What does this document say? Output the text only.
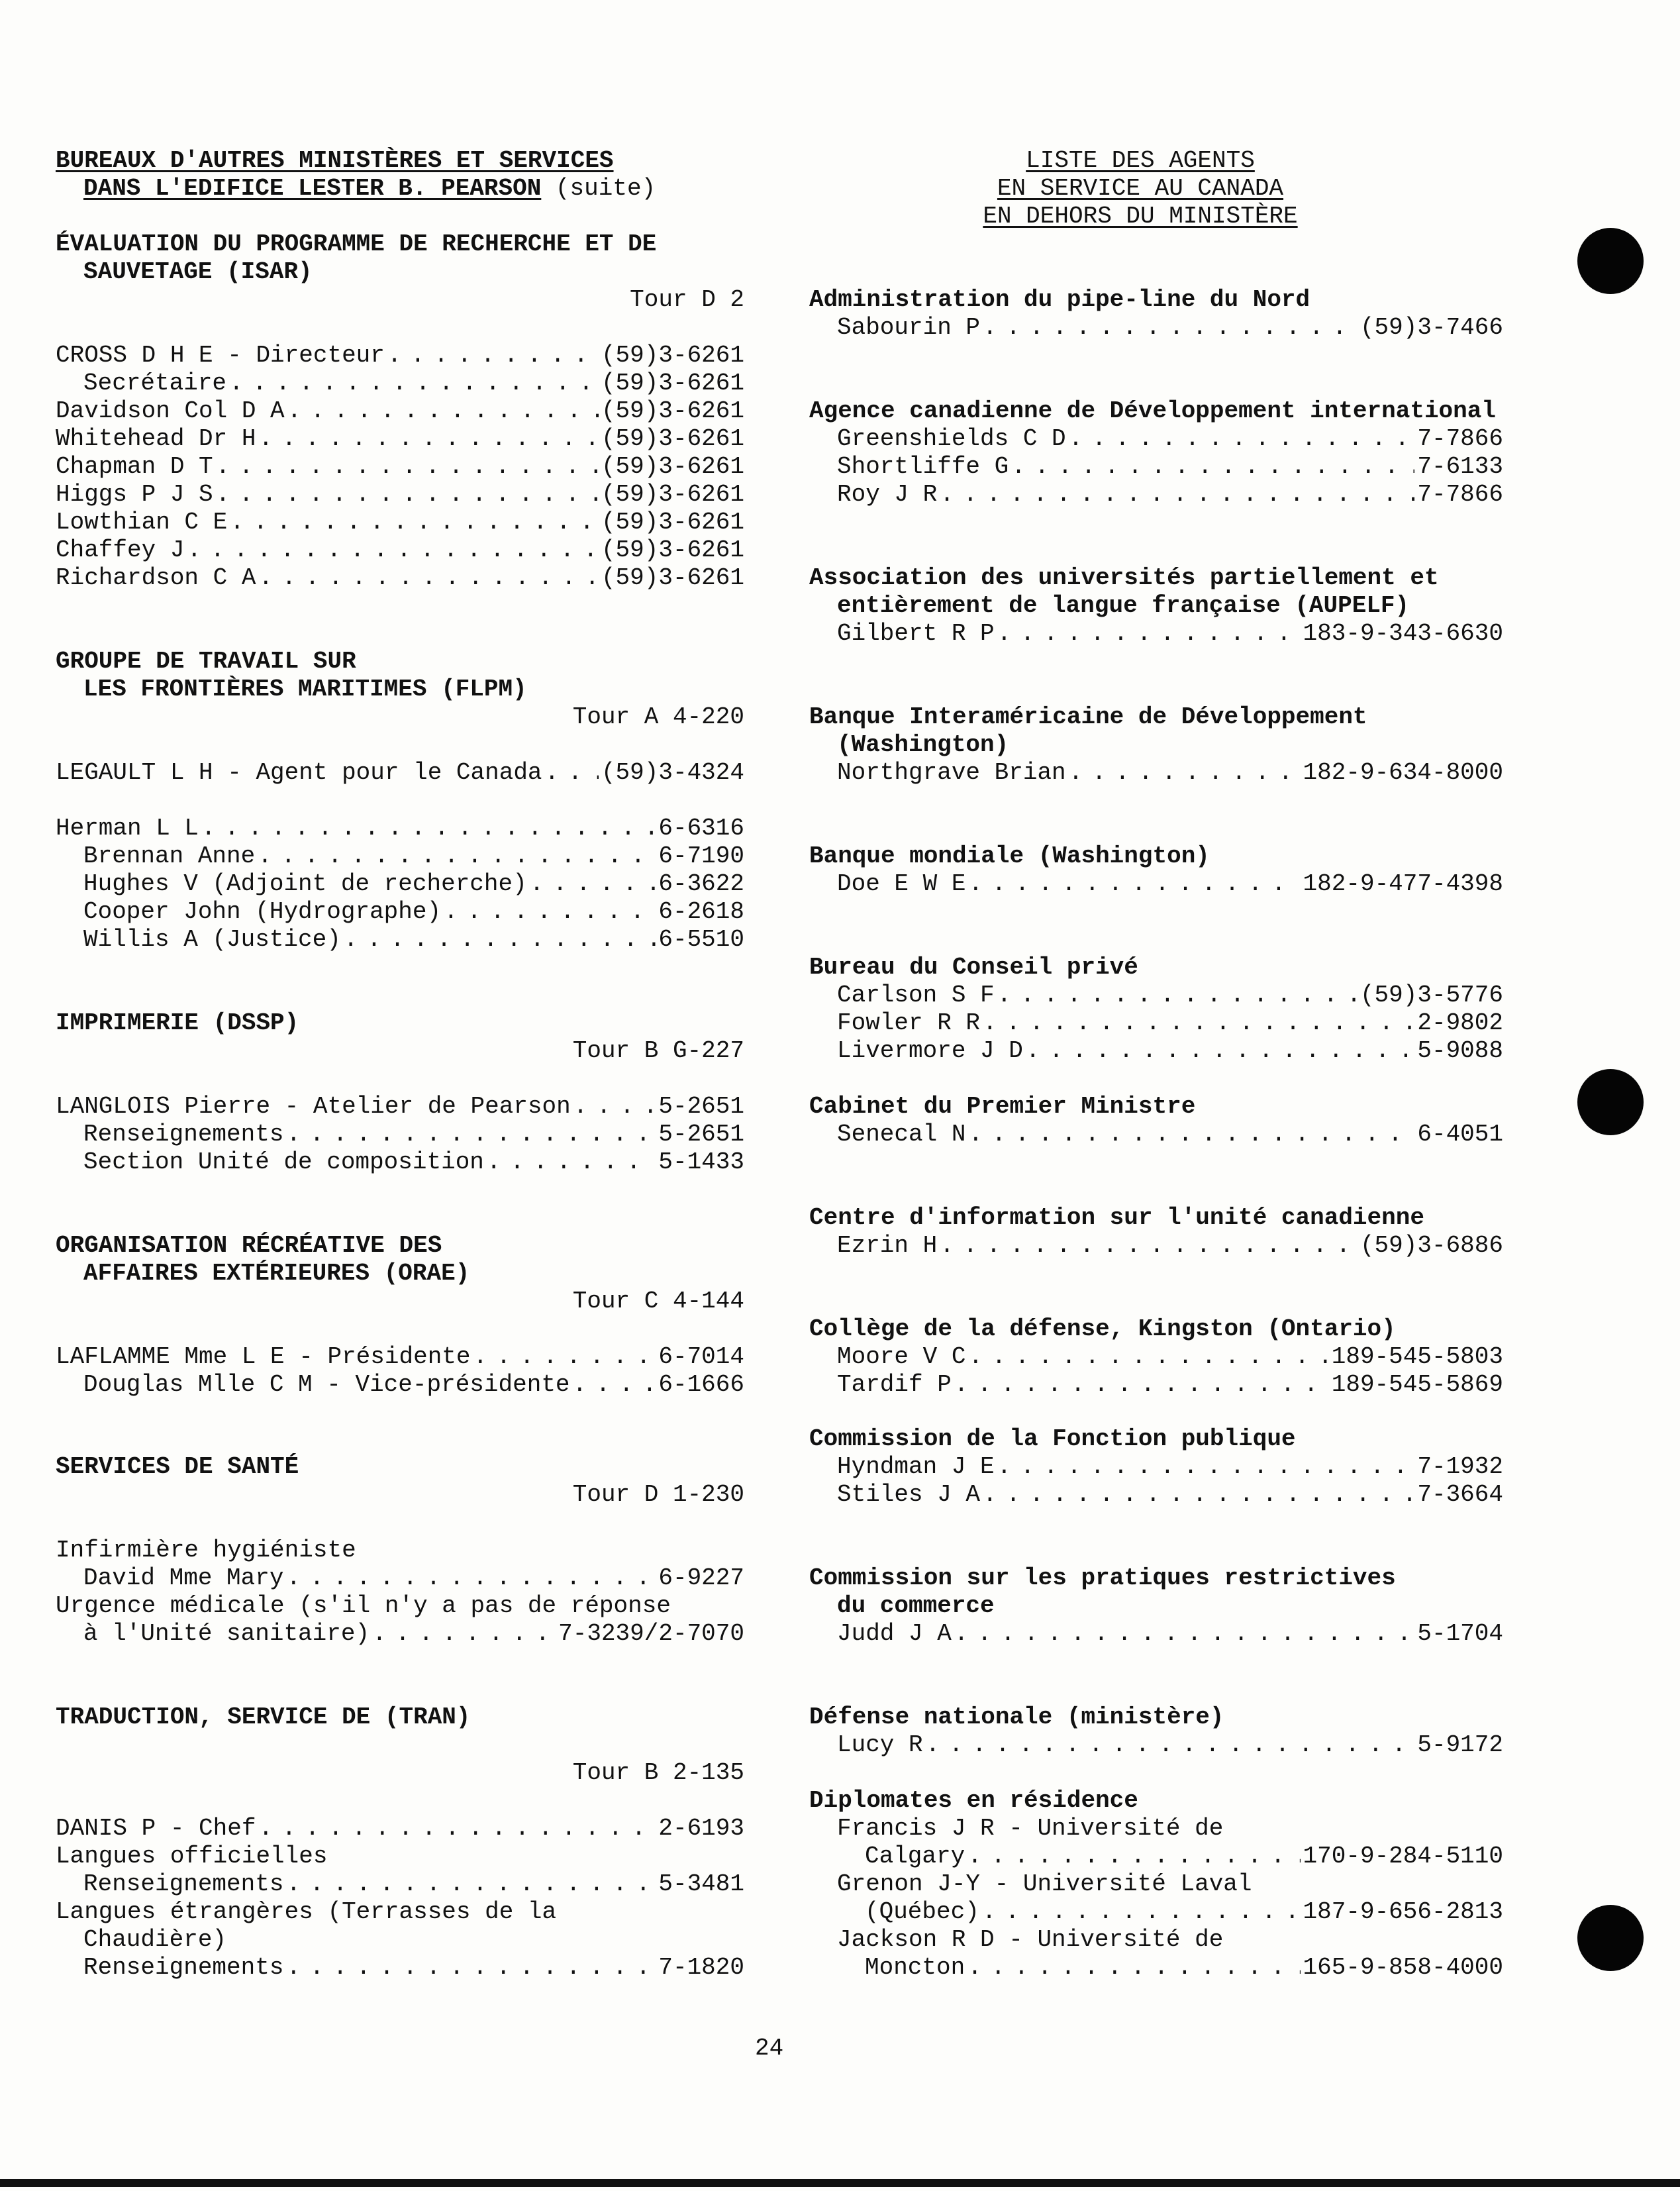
BUREAUX D'AUTRES MINISTÈRES ET SERVICES
DANS L'EDIFICE LESTER B. PEARSON (suite)
ÉVALUATION DU PROGRAMME DE RECHERCHE ET DE
SAUVETAGE (ISAR)
Tour D 2
CROSS D H E - Directeur . . .	(59)3-6261
Secrétaire . . .	(59)3-6261
Davidson Col D A . . .	(59)3-6261
Whitehead Dr H . . .	(59)3-6261
Chapman D T . . .	(59)3-6261
Higgs P J S . . .	(59)3-6261
Lowthian C E . . .	(59)3-6261
Chaffey J . . .	(59)3-6261
Richardson C A . . .	(59)3-6261
GROUPE DE TRAVAIL SUR
LES FRONTIÈRES MARITIMES (FLPM)
Tour A 4-220
LEGAULT L H - Agent pour le Canada . . . (59)3-4324
Herman L L . . .	6-6316
Brennan Anne . . .	6-7190
Hughes V (Adjoint de recherche) . . .	6-3622
Cooper John (Hydrographe) . . .	6-2618
Willis A (Justice) . . .	6-5510
IMPRIMERIE (DSSP)
Tour B G-227
LANGLOIS Pierre - Atelier de Pearson . . .	5-2651
Renseignements . . .	5-2651
Section Unité de composition . . .	5-1433
ORGANISATION RÉCRÉATIVE DES
AFFAIRES EXTÉRIEURES (ORAE)
Tour C 4-144
LAFLAMME Mme L E - Présidente . . .	6-7014
Douglas Mlle C M - Vice-présidente . . .	6-1666
SERVICES DE SANTÉ
Tour D 1-230
Infirmière hygiéniste
David Mme Mary . . .	6-9227
Urgence médicale (s'il n'y a pas de réponse
à l'Unité sanitaire) . . .	7-3239/2-7070
TRADUCTION, SERVICE DE (TRAN)
Tour B 2-135
DANIS P - Chef . . .	2-6193
Langues officielles
Renseignements . . .	5-3481
Langues étrangères (Terrasses de la
Chaudière)
Renseignements . . .	7-1820
LISTE DES AGENTS
EN SERVICE AU CANADA
EN DEHORS DU MINISTÈRE
Administration du pipe-line du Nord
Sabourin P . . .	(59)3-7466
Agence canadienne de Développement international
Greenshields C D . . .	7-7866
Shortliffe G . . .	7-6133
Roy J R . . .	7-7866
Association des universités partiellement et
entièrement de langue française (AUPELF)
Gilbert R P . . .	183-9-343-6630
Banque Interaméricaine de Développement
(Washington)
Northgrave Brian . . .	182-9-634-8000
Banque mondiale (Washington)
Doe E W E . . .	182-9-477-4398
Bureau du Conseil privé
Carlson S F . . .	(59)3-5776
Fowler R R . . .	2-9802
Livermore J D . . .	5-9088
Cabinet du Premier Ministre
Senecal N . . .	6-4051
Centre d'information sur l'unité canadienne
Ezrin H . . .	(59)3-6886
Collège de la défense, Kingston (Ontario)
Moore V C . . .	189-545-5803
Tardif P . . .	189-545-5869
Commission de la Fonction publique
Hyndman J E . . .	7-1932
Stiles J A . . .	7-3664
Commission sur les pratiques restrictives
du commerce
Judd J A . . .	5-1704
Défense nationale (ministère)
Lucy R . . .	5-9172
Diplomates en résidence
Francis J R - Université de
Calgary . . .	170-9-284-5110
Grenon J-Y - Université Laval
(Québec) . . .	187-9-656-2813
Jackson R D - Université de
Moncton . . .	165-9-858-4000
24
